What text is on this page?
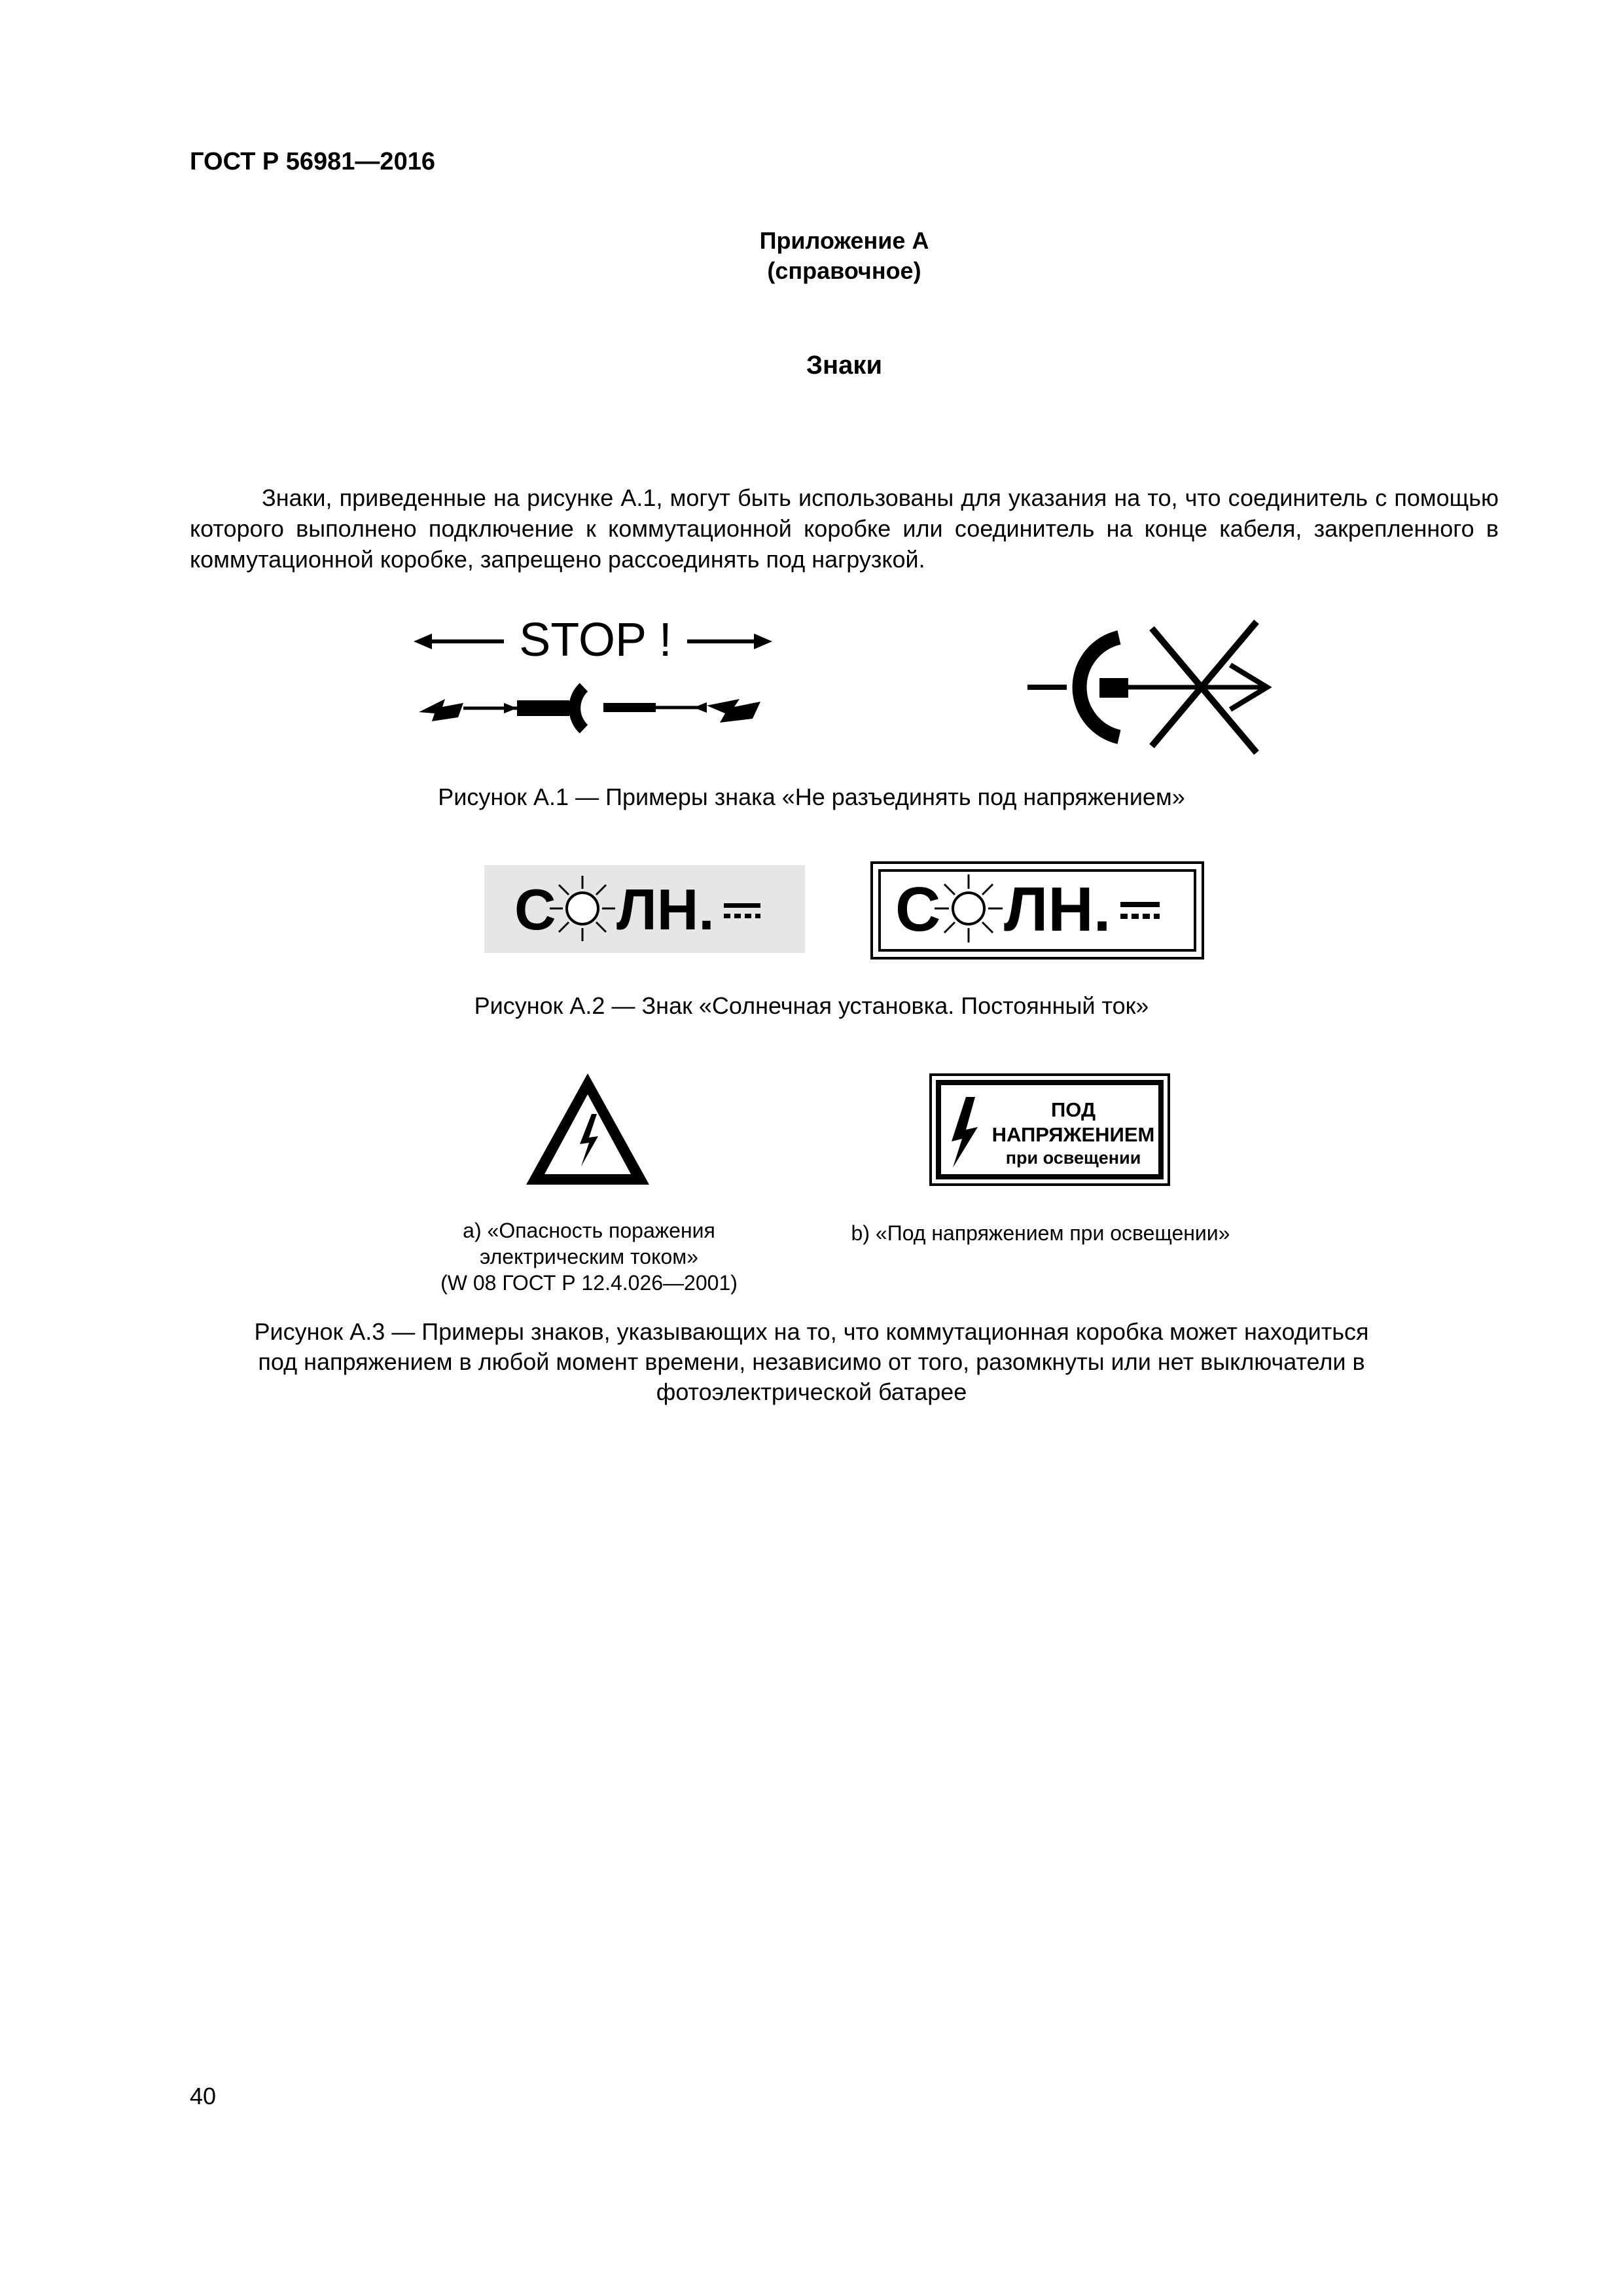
ГОСТ Р 56981—2016
Приложение А
(справочное)
Знаки
Знаки, приведенные на рисунке А.1, могут быть использованы для указания на то, что соединитель с помощью которого выполнено подключение к коммутационной коробке или соединитель на конце кабеля, закрепленного в коммутационной коробке, запрещено рассоединять под нагрузкой.
STOP !
Рисунок А.1 — Примеры знака «Не разъединять под напряжением»
С ЛН.	С ЛН.
Рисунок А.2 — Знак «Солнечная установка. Постоянный ток»
ПОД
НАПРЯЖЕНИЕМ
при освещении
а) «Опасность поражения
электрическим током»
(W 08 ГОСТ Р 12.4.026—2001)
b) «Под напряжением при освещении»
Рисунок А.3 — Примеры знаков, указывающих на то, что коммутационная коробка может находиться
под напряжением в любой момент времени, независимо от того, разомкнуты или нет выключатели в
фотоэлектрической батарее
40
